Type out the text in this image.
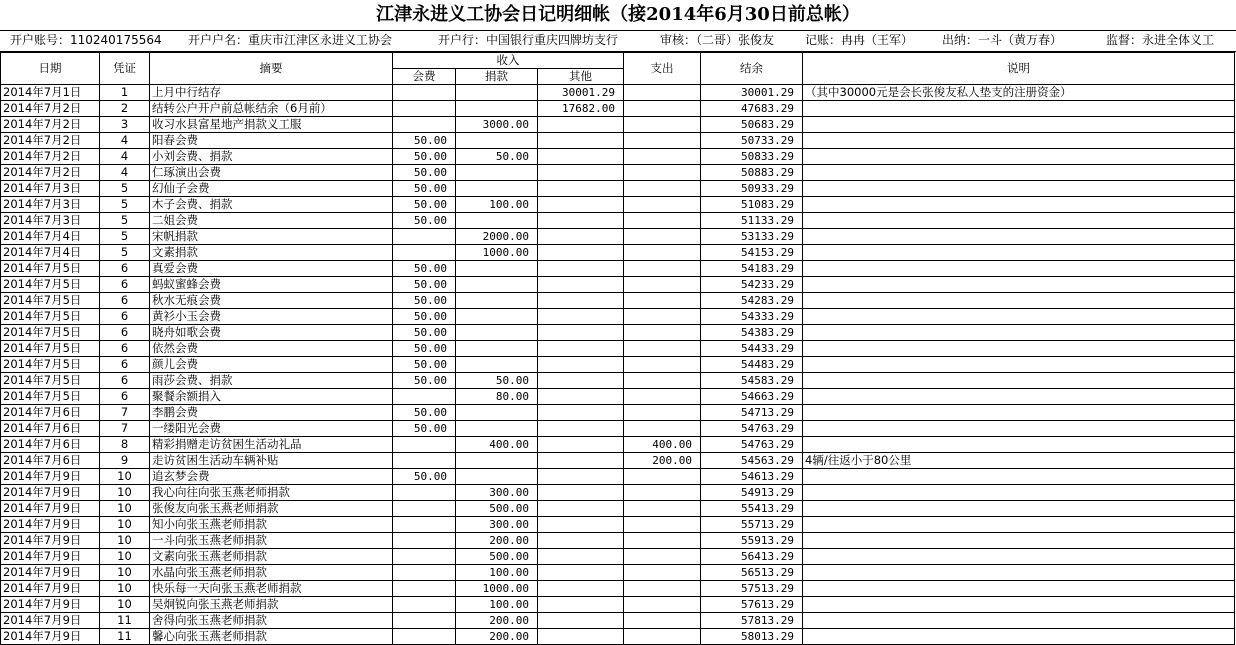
江津永进义工协会日记明细帐（接2014年6月30日前总帐）
开户账号：110240175564 开户户名：重庆市江津区永进义工协会	开户行：中国银行重庆四牌坊支行	审核：（二哥）张俊友	记账：冉冉（王军） 出纳：一斗（黄万春）	监督：永进全体义工
日期	凭证	摘要	收入			支出	结余	说明
			会费	捐款	其他			
2014年7月1日	1	上月中行结存			30001.29		30001.29	（其中30000元是会长张俊友私人垫支的注册资金）
2014年7月2日	2	结转公户开户前总帐结余（6月前）			17682.00		47683.29	
2014年7月2日	3	收习水县富星地产捐款义工服		3000.00			50683.29	
2014年7月2日	4	阳春会费	50.00				50733.29	
2014年7月2日	4	小刘会费、捐款	50.00	50.00			50833.29	
2014年7月2日	4	仁琢演出会费	50.00				50883.29	
2014年7月3日	5	幻仙子会费	50.00				50933.29	
2014年7月3日	5	木子会费、捐款	50.00	100.00			51083.29	
2014年7月3日	5	二姐会费	50.00				51133.29	
2014年7月4日	5	宋帆捐款		2000.00			53133.29	
2014年7月4日	5	文素捐款		1000.00			54153.29	
2014年7月5日	6	真爱会费	50.00				54183.29	
2014年7月5日	6	蚂蚁蜜蜂会费	50.00				54233.29	
2014年7月5日	6	秋水无痕会费	50.00				54283.29	
2014年7月5日	6	黄衫小玉会费	50.00				54333.29	
2014年7月5日	6	晓舟如歌会费	50.00				54383.29	
2014年7月5日	6	依然会费	50.00				54433.29	
2014年7月5日	6	颜儿会费	50.00				54483.29	
2014年7月5日	6	雨莎会费、捐款	50.00	50.00			54583.29	
2014年7月5日	6	聚餐余额捐入		80.00			54663.29	
2014年7月6日	7	李鹏会费	50.00				54713.29	
2014年7月6日	7	一缕阳光会费	50.00				54763.29	
2014年7月6日	8	精彩捐赠走访贫困生活动礼品		400.00		400.00	54763.29	
2014年7月6日	9	走访贫困生活动车辆补贴				200.00	54563.29	4辆/往返小于80公里
2014年7月9日	10	追玄梦会费	50.00				54613.29	
2014年7月9日	10	我心向往向张玉燕老师捐款		300.00			54913.29	
2014年7月9日	10	张俊友向张玉燕老师捐款		500.00			55413.29	
2014年7月9日	10	知小向张玉燕老师捐款		300.00			55713.29	
2014年7月9日	10	一斗向张玉燕老师捐款		200.00			55913.29	
2014年7月9日	10	文素向张玉燕老师捐款		500.00			56413.29	
2014年7月9日	10	水晶向张玉燕老师捐款		100.00			56513.29	
2014年7月9日	10	快乐每一天向张玉燕老师捐款		1000.00			57513.29	
2014年7月9日	10	吴炯锐向张玉燕老师捐款		100.00			57613.29	
2014年7月9日	11	舍得向张玉燕老师捐款		200.00			57813.29	
2014年7月9日	11	馨心向张玉燕老师捐款		200.00			58013.29	
